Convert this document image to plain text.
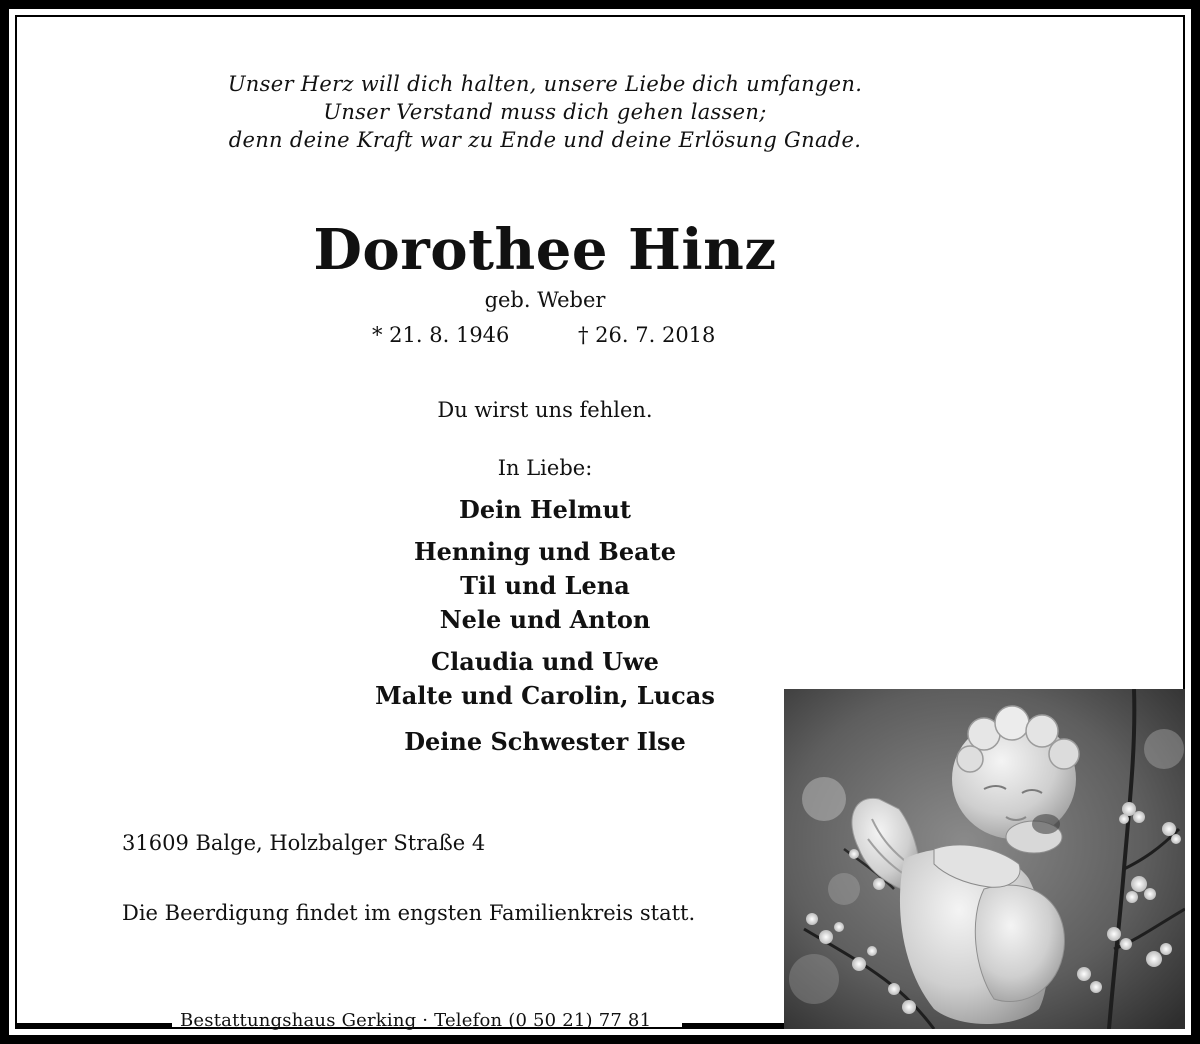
Unser Herz will dich halten, unsere Liebe dich umfangen.
Unser Verstand muss dich gehen lassen;
denn deine Kraft war zu Ende und deine Erlösung Gnade.
Dorothee Hinz
geb. Weber
* 21. 8. 1946	† 26. 7. 2018
Du wirst uns fehlen.
In Liebe:
Dein Helmut
Henning und Beate
Til und Lena
Nele und Anton
Claudia und Uwe
Malte und Carolin, Lucas
Deine Schwester Ilse
31609 Balge, Holzbalger Straße 4
Die Beerdigung findet im engsten Familienkreis statt.
Bestattungshaus Gerking · Telefon (0 50 21) 77 81
